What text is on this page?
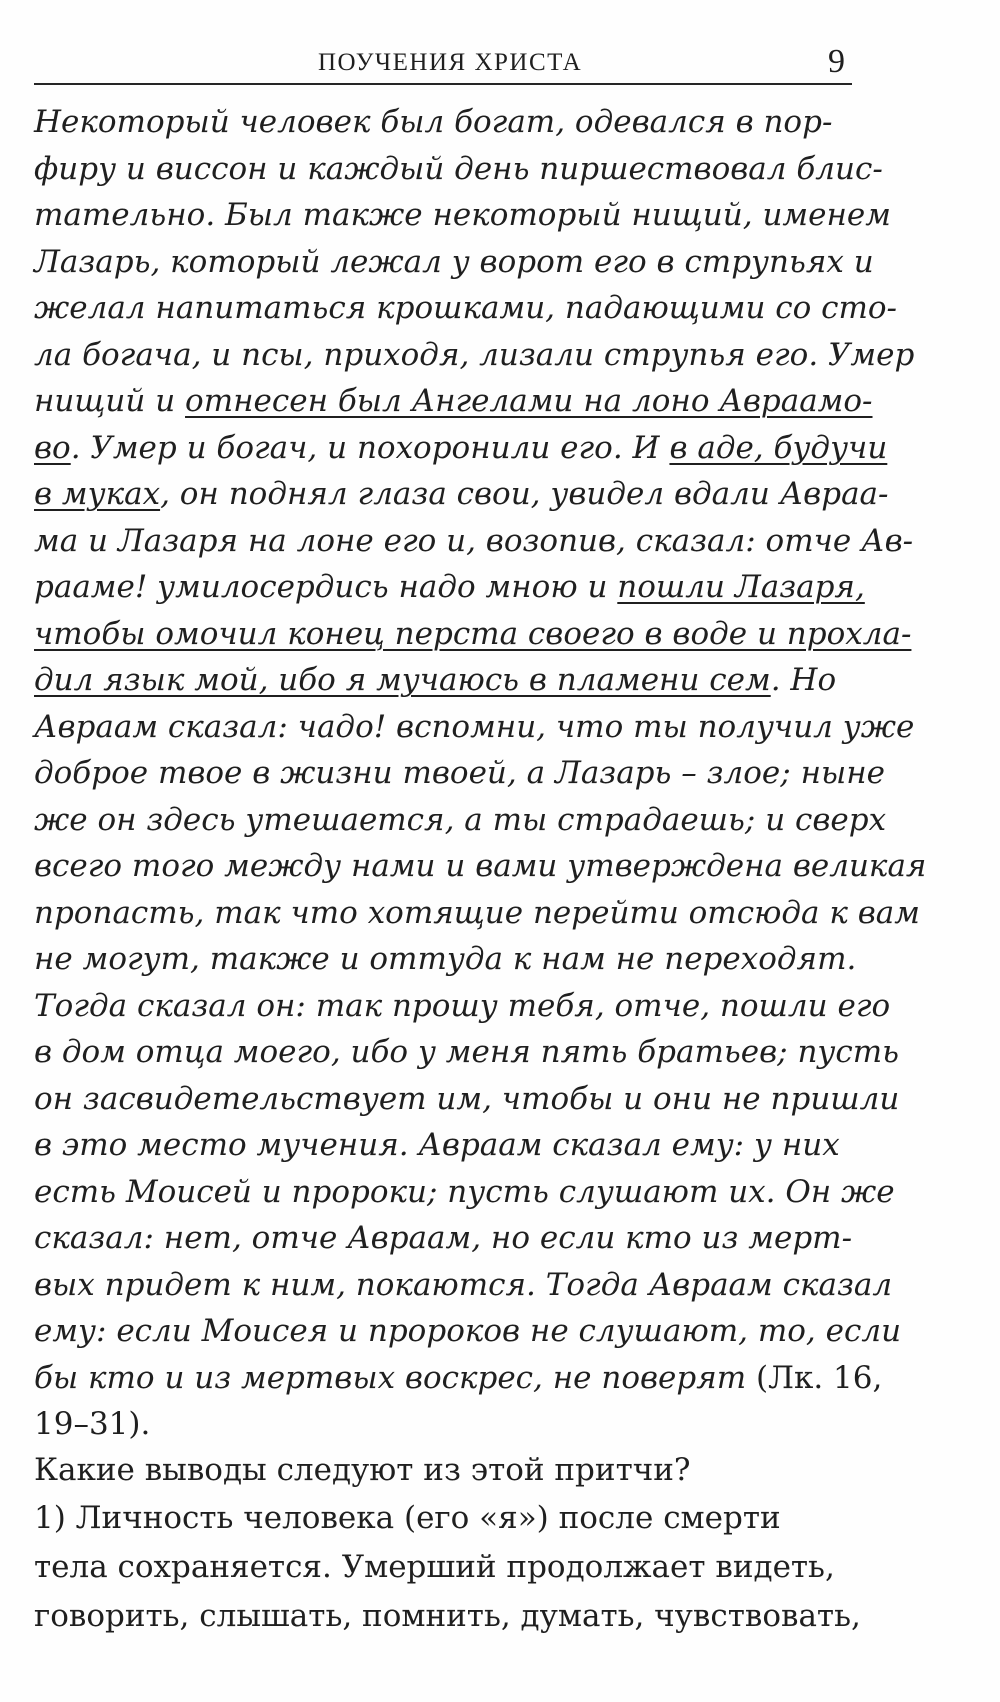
ПОУЧЕНИЯ ХРИСТА	9
Некоторый человек был богат, одевался в пор-
фиру и виссон и каждый день пиршествовал блис-
тательно. Был также некоторый нищий, именем
Лазарь, который лежал у ворот его в струпьях и
желал напитаться крошками, падающими со сто-
ла богача, и псы, приходя, лизали струпья его. Умер
нищий и отнесен был Ангелами на лоно Авраамо-
во. Умер и богач, и похоронили его. И в аде, будучи
в муках, он поднял глаза свои, увидел вдали Авраа-
ма и Лазаря на лоне его и, возопив, сказал: отче Ав-
рааме! умилосердись надо мною и пошли Лазаря,
чтобы омочил конец перста своего в воде и прохла-
дил язык мой, ибо я мучаюсь в пламени сем. Но
Авраам сказал: чадо! вспомни, что ты получил уже
доброе твое в жизни твоей, а Лазарь – злое; ныне
же он здесь утешается, а ты страдаешь; и сверх
всего того между нами и вами утверждена великая
пропасть, так что хотящие перейти отсюда к вам
не могут, также и оттуда к нам не переходят.
Тогда сказал он: так прошу тебя, отче, пошли его
в дом отца моего, ибо у меня пять братьев; пусть
он засвидетельствует им, чтобы и они не пришли
в это место мучения. Авраам сказал ему: у них
есть Моисей и пророки; пусть слушают их. Он же
сказал: нет, отче Авраам, но если кто из мерт-
вых придет к ним, покаются. Тогда Авраам сказал
ему: если Моисея и пророков не слушают, то, если
бы кто и из мертвых воскрес, не поверят (Лк. 16,
19–31).
Какие выводы следуют из этой притчи?
1) Личность человека (его «я») после смерти
тела сохраняется. Умерший продолжает видеть,
говорить, слышать, помнить, думать, чувствовать,
